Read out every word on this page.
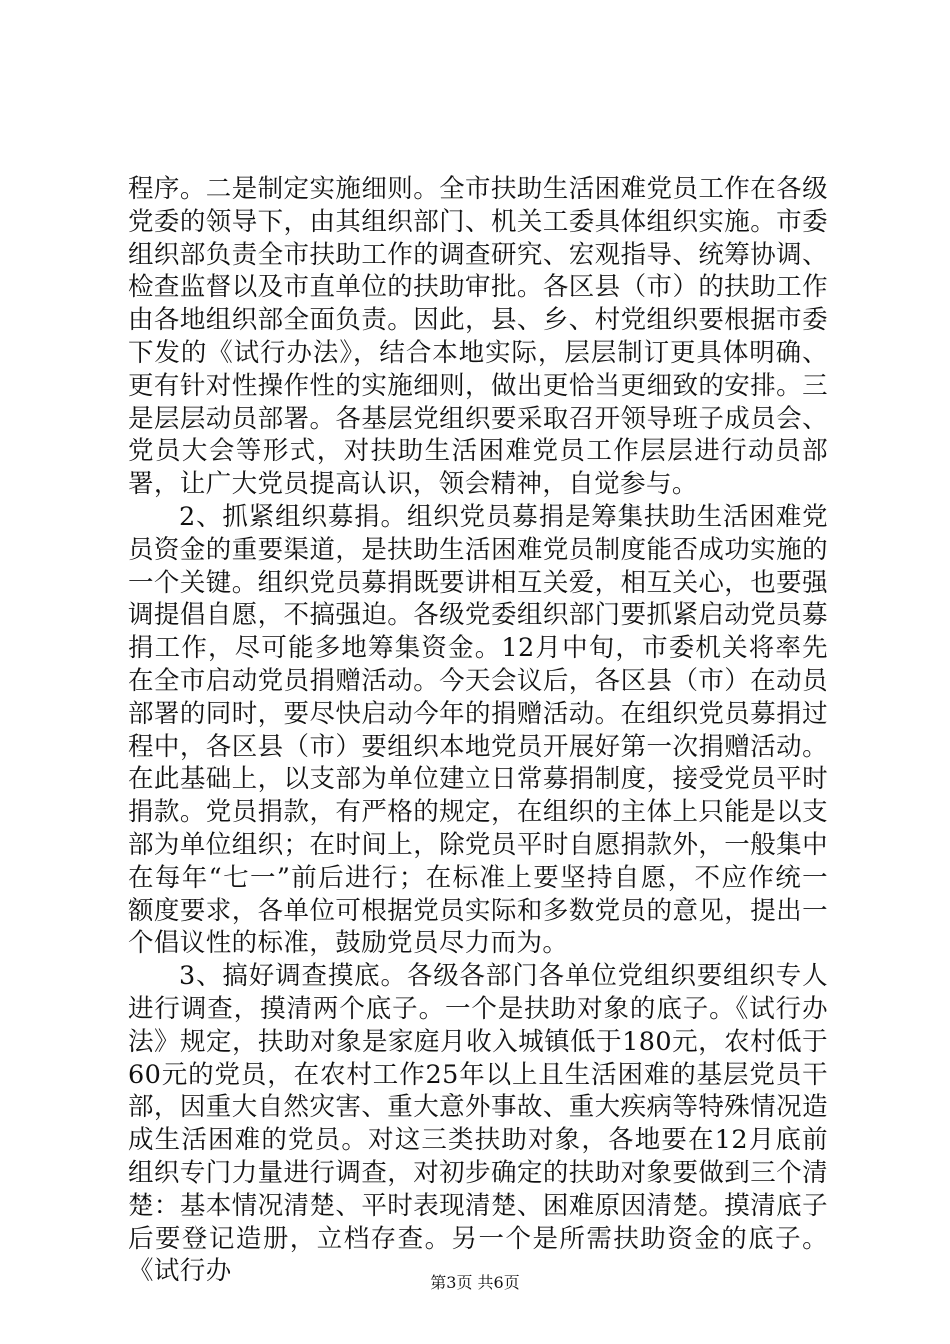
程序。二是制定实施细则。全市扶助生活困难党员工作在各级党委的领导下，由其组织部门、机关工委具体组织实施。市委组织部负责全市扶助工作的调查研究、宏观指导、统筹协调、检查监督以及市直单位的扶助审批。各区县（市）的扶助工作由各地组织部全面负责。因此，县、乡、村党组织要根据市委下发的《试行办法》，结合本地实际，层层制订更具体明确、更有针对性操作性的实施细则，做出更恰当更细致的安排。三是层层动员部署。各基层党组织要采取召开领导班子成员会、党员大会等形式，对扶助生活困难党员工作层层进行动员部署，让广大党员提高认识，领会精神，自觉参与。

2、抓紧组织募捐。组织党员募捐是筹集扶助生活困难党员资金的重要渠道，是扶助生活困难党员制度能否成功实施的一个关键。组织党员募捐既要讲相互关爱，相互关心，也要强调提倡自愿，不搞强迫。各级党委组织部门要抓紧启动党员募捐工作，尽可能多地筹集资金。12月中旬，市委机关将率先在全市启动党员捐赠活动。今天会议后，各区县（市）在动员部署的同时，要尽快启动今年的捐赠活动。在组织党员募捐过程中，各区县（市）要组织本地党员开展好第一次捐赠活动。在此基础上，以支部为单位建立日常募捐制度，接受党员平时捐款。党员捐款，有严格的规定，在组织的主体上只能是以支部为单位组织；在时间上，除党员平时自愿捐款外，一般集中在每年“七一”前后进行；在标准上要坚持自愿，不应作统一额度要求，各单位可根据党员实际和多数党员的意见，提出一个倡议性的标准，鼓励党员尽力而为。

3、搞好调查摸底。各级各部门各单位党组织要组织专人进行调查，摸清两个底子。一个是扶助对象的底子。《试行办法》规定，扶助对象是家庭月收入城镇低于180元，农村低于60元的党员，在农村工作25年以上且生活困难的基层党员干部，因重大自然灾害、重大意外事故、重大疾病等特殊情况造成生活困难的党员。对这三类扶助对象，各地要在12月底前组织专门力量进行调查，对初步确定的扶助对象要做到三个清楚：基本情况清楚、平时表现清楚、困难原因清楚。摸清底子后要登记造册，立档存查。另一个是所需扶助资金的底子。《试行办	第3页 共6页
